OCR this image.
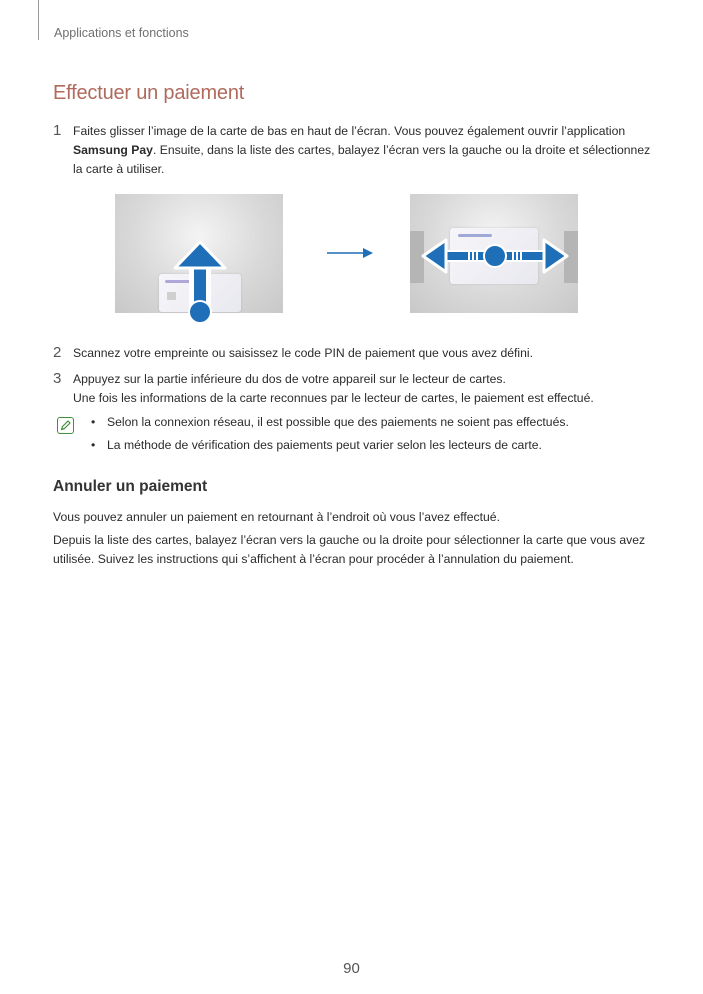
Applications et fonctions
Effectuer un paiement
1 Faites glisser l’image de la carte de bas en haut de l’écran. Vous pouvez également ouvrir l’application Samsung Pay. Ensuite, dans la liste des cartes, balayez l’écran vers la gauche ou la droite et sélectionnez la carte à utiliser.
2 Scannez votre empreinte ou saisissez le code PIN de paiement que vous avez défini.
3 Appuyez sur la partie inférieure du dos de votre appareil sur le lecteur de cartes.
Une fois les informations de la carte reconnues par le lecteur de cartes, le paiement est effectué.
• Selon la connexion réseau, il est possible que des paiements ne soient pas effectués.
• La méthode de vérification des paiements peut varier selon les lecteurs de carte.
Annuler un paiement
Vous pouvez annuler un paiement en retournant à l’endroit où vous l’avez effectué.
Depuis la liste des cartes, balayez l’écran vers la gauche ou la droite pour sélectionner la carte que vous avez utilisée. Suivez les instructions qui s’affichent à l’écran pour procéder à l’annulation du paiement.
90
